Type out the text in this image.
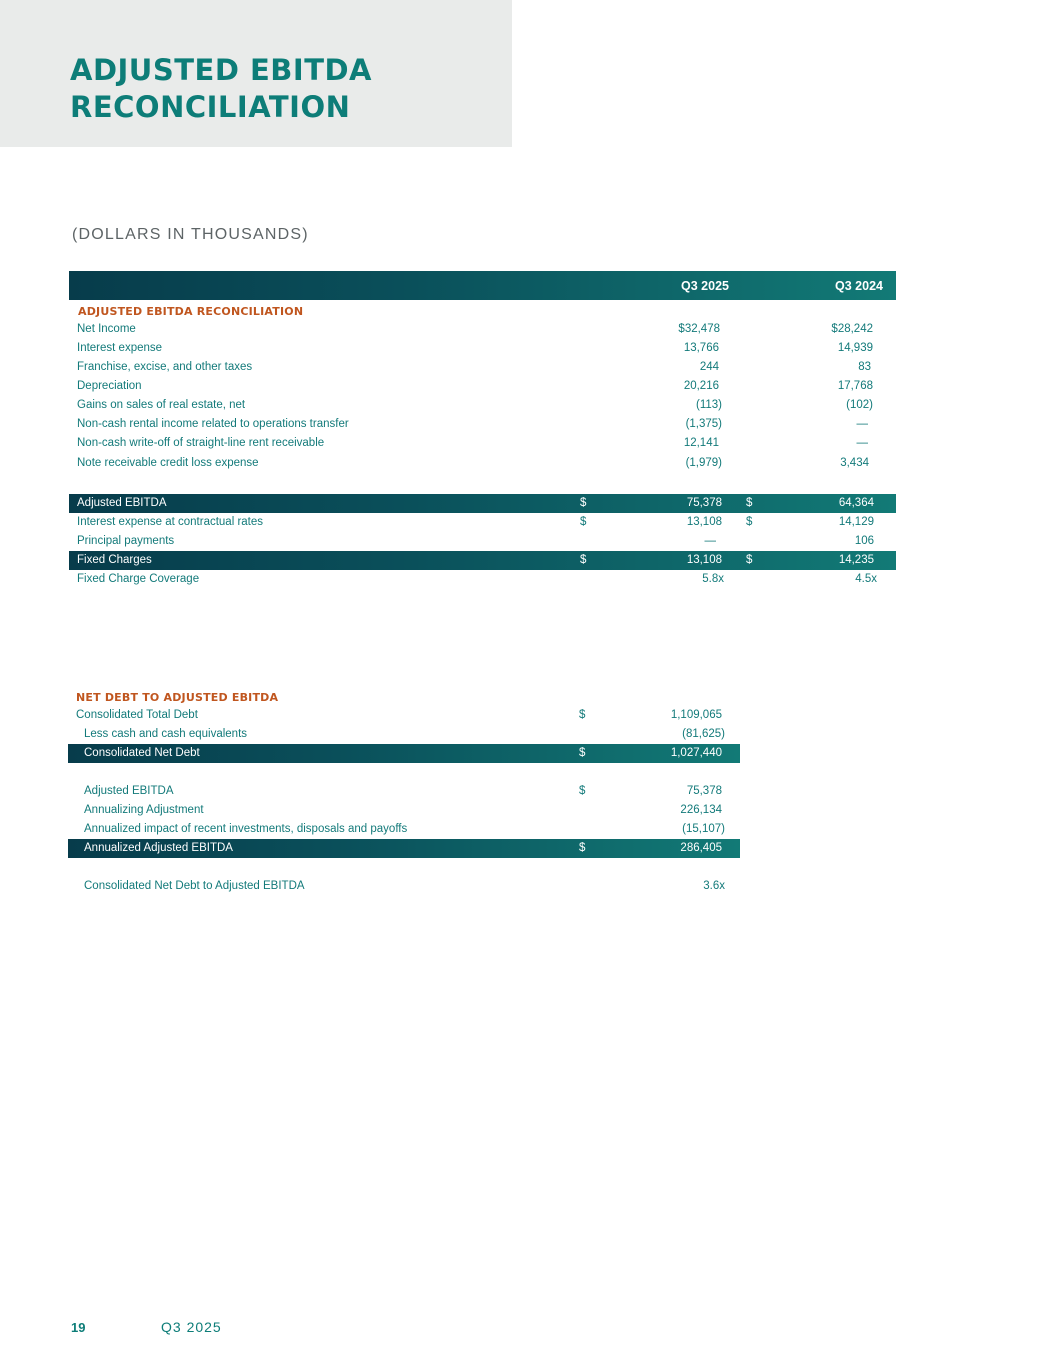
ADJUSTED EBITDA
RECONCILIATION
(DOLLARS IN THOUSANDS)
Q3 2025	Q3 2024
ADJUSTED EBITDA RECONCILIATION
Net Income	$32,478	$28,242
Interest expense	13,766	14,939
Franchise, excise, and other taxes	244	83
Depreciation	20,216	17,768
Gains on sales of real estate, net	(113)	(102)
Non-cash rental income related to operations transfer	(1,375)	—
Non-cash write-off of straight-line rent receivable	12,141	—
Note receivable credit loss expense	(1,979)	3,434
Adjusted EBITDA	$	75,378 $	64,364
Interest expense at contractual rates	$	13,108 $	14,129
Principal payments	—	106
Fixed Charges	$	13,108 $	14,235
Fixed Charge Coverage	5.8x	4.5x
NET DEBT TO ADJUSTED EBITDA
Consolidated Total Debt	$	1,109,065
Less cash and cash equivalents	(81,625)
Consolidated Net Debt	$	1,027,440
Adjusted EBITDA	$	75,378
Annualizing Adjustment	226,134
Annualized impact of recent investments, disposals and payoffs	(15,107)
Annualized Adjusted EBITDA	$	286,405
Consolidated Net Debt to Adjusted EBITDA	3.6x
19	Q3 2025
